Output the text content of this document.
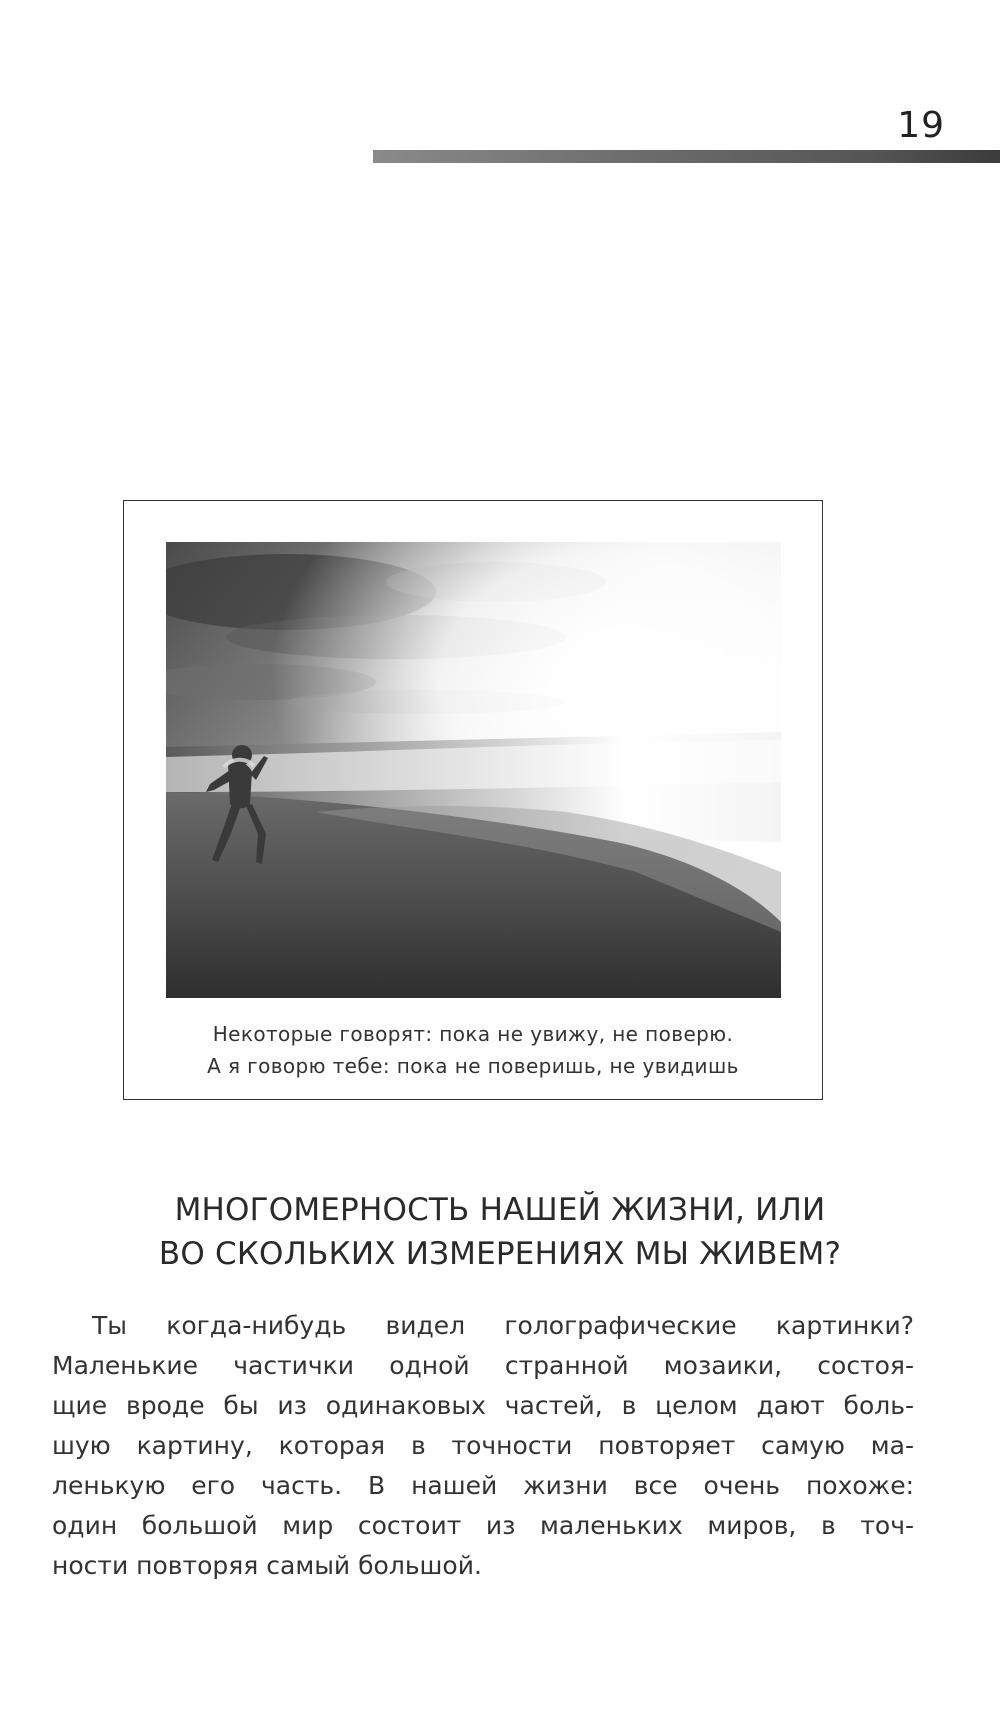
19
Некоторые говорят: пока не увижу, не поверю.
А я говорю тебе: пока не поверишь, не увидишь
МНОГОМЕРНОСТЬ НАШЕЙ ЖИЗНИ, ИЛИ
ВО СКОЛЬКИХ ИЗМЕРЕНИЯХ МЫ ЖИВЕМ?
Ты когда-нибудь видел голографические картинки?
Маленькие частички одной странной мозаики, состоя-
щие вроде бы из одинаковых частей, в целом дают боль-
шую картину, которая в точности повторяет самую ма-
ленькую его часть. В нашей жизни все очень похоже:
один большой мир состоит из маленьких миров, в точ-
ности повторяя самый большой.
